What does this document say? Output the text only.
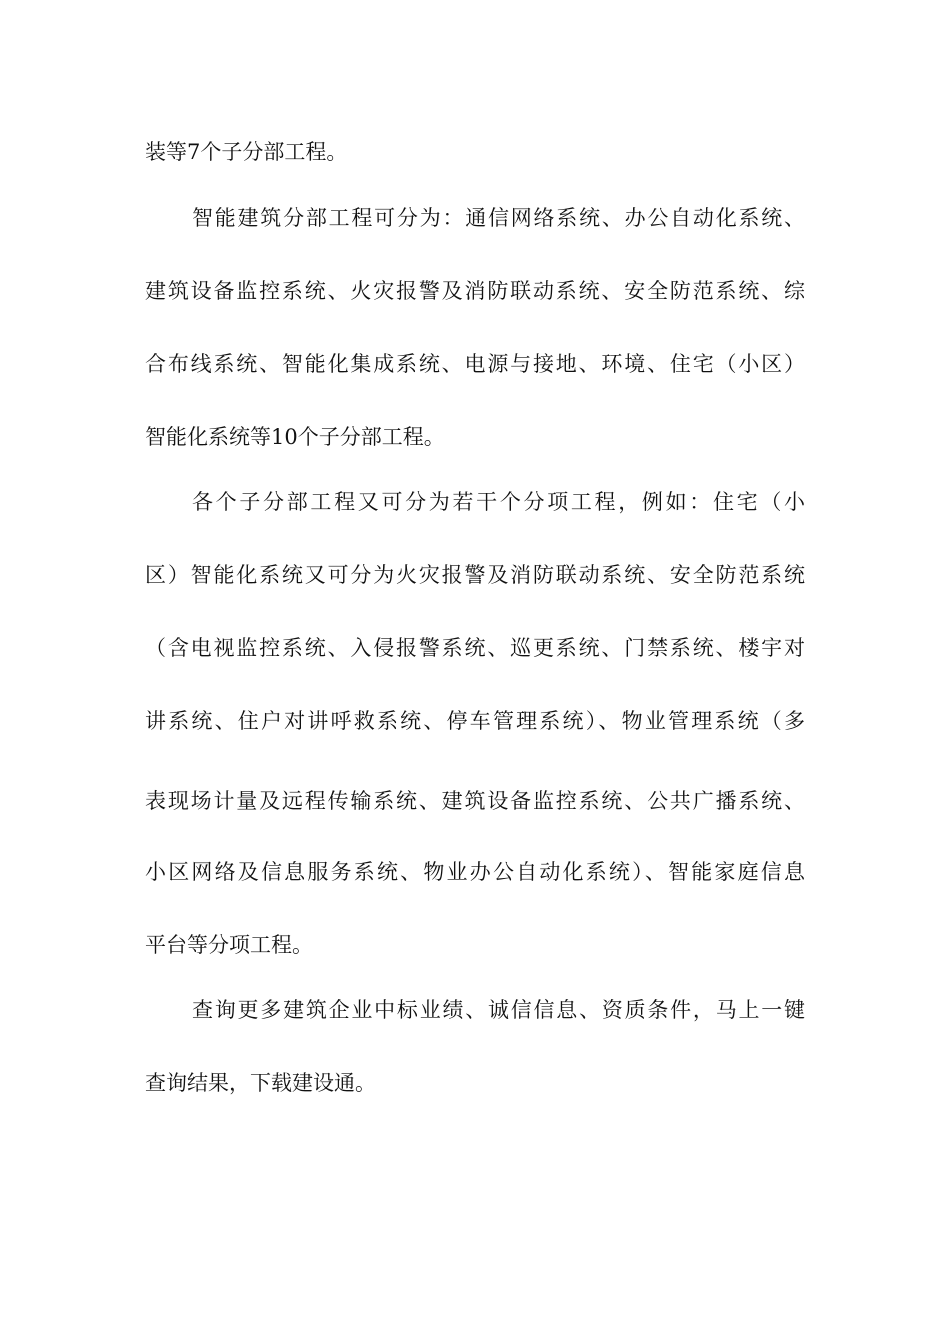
装等7个子分部工程。
智能建筑分部工程可分为：通信网络系统、办公自动化系统、
建筑设备监控系统、火灾报警及消防联动系统、安全防范系统、综
合布线系统、智能化集成系统、电源与接地、环境、住宅（小区）
智能化系统等10个子分部工程。
各个子分部工程又可分为若干个分项工程，例如：住宅（小
区）智能化系统又可分为火灾报警及消防联动系统、安全防范系统
（含电视监控系统、入侵报警系统、巡更系统、门禁系统、楼宇对
讲系统、住户对讲呼救系统、停车管理系统）、物业管理系统（多
表现场计量及远程传输系统、建筑设备监控系统、公共广播系统、
小区网络及信息服务系统、物业办公自动化系统）、智能家庭信息
平台等分项工程。
查询更多建筑企业中标业绩、诚信信息、资质条件，马上一键
查询结果，下载建设通。
